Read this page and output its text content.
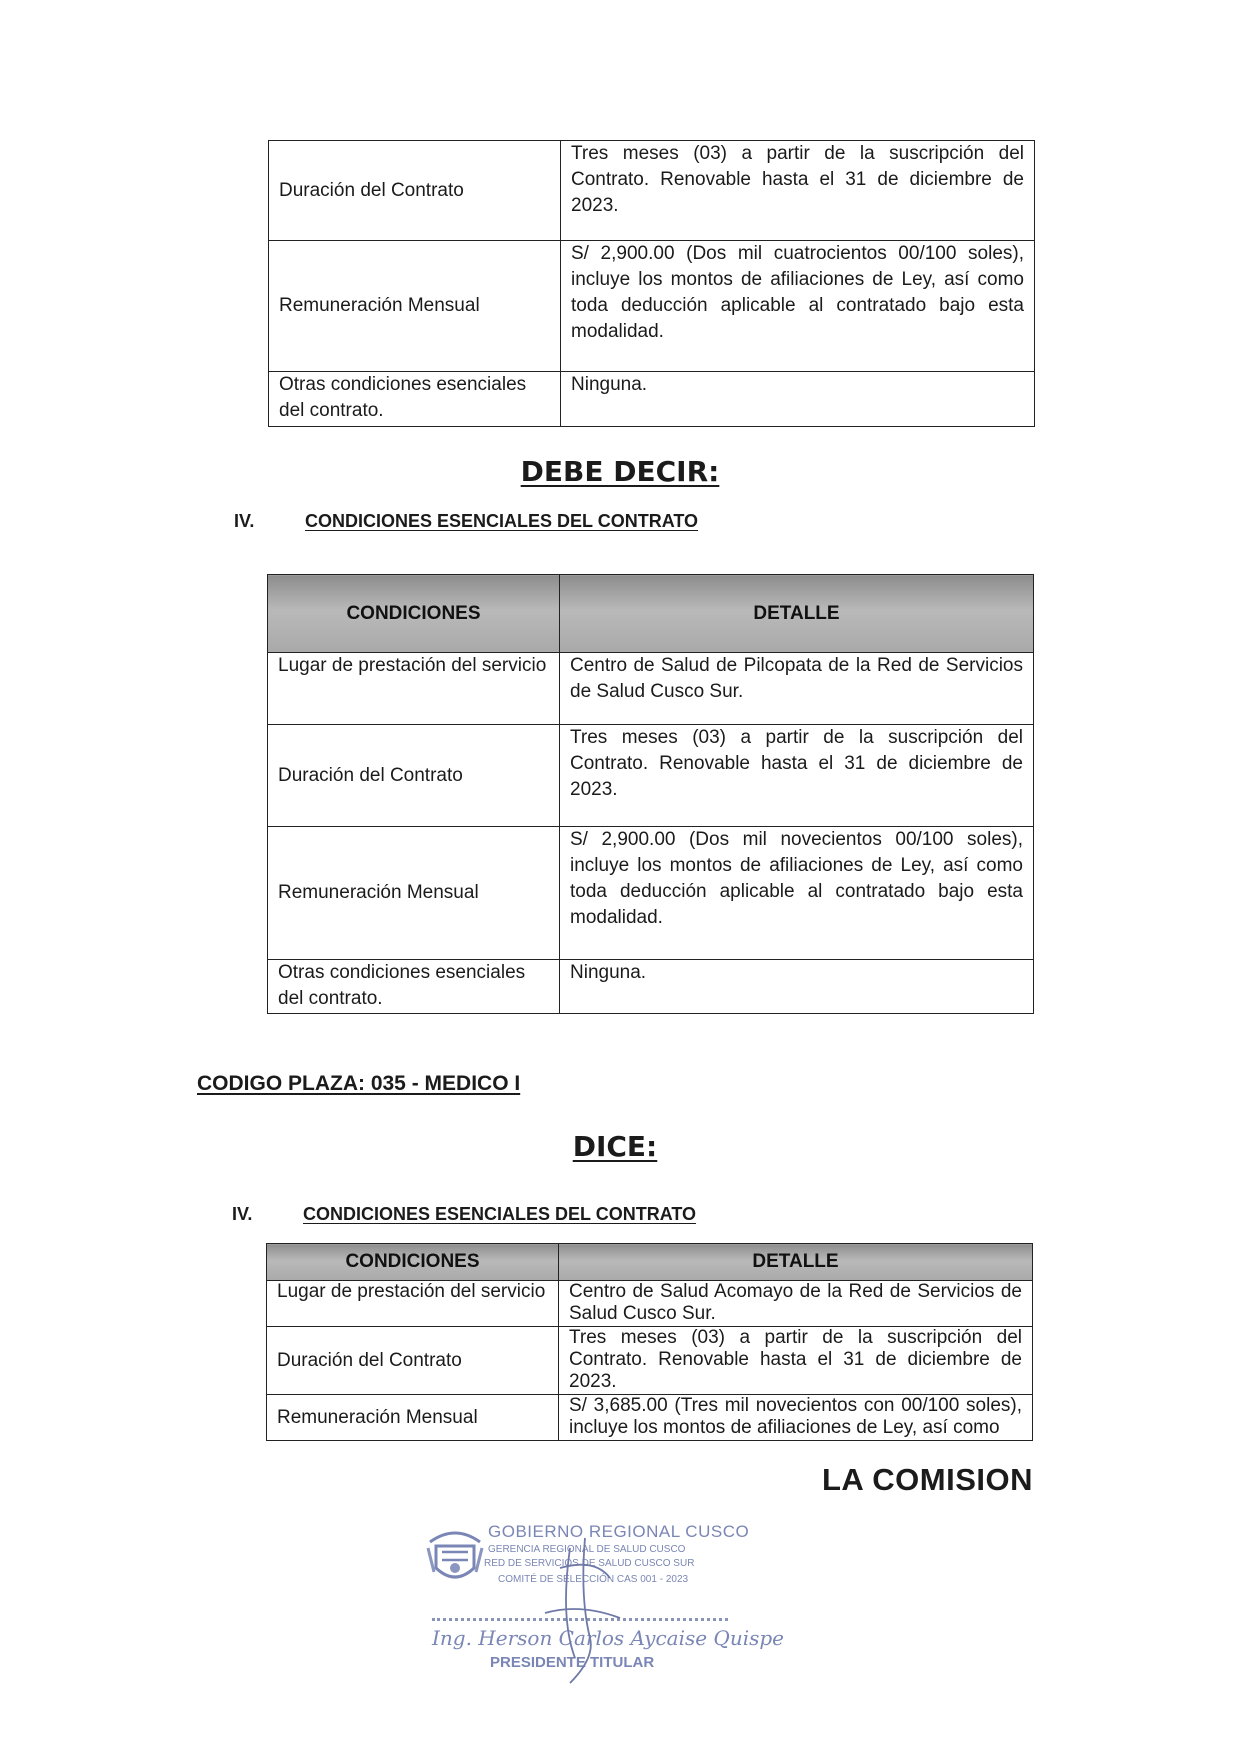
Duración del Contrato	Tres meses (03) a partir de la suscripción del Contrato. Renovable hasta el 31 de diciembre de 2023.
Remuneración Mensual	S/ 2,900.00 (Dos mil cuatrocientos 00/100 soles), incluye los montos de afiliaciones de Ley, así como toda deducción aplicable al contratado bajo esta modalidad.
Otras condiciones esenciales del contrato.	Ninguna.
DEBE DECIR:
IV.	CONDICIONES ESENCIALES DEL CONTRATO
CONDICIONES	DETALLE
Lugar de prestación del servicio	Centro de Salud de Pilcopata de la Red de Servicios de Salud Cusco Sur.
Duración del Contrato	Tres meses (03) a partir de la suscripción del Contrato. Renovable hasta el 31 de diciembre de 2023.
Remuneración Mensual	S/ 2,900.00 (Dos mil novecientos 00/100 soles), incluye los montos de afiliaciones de Ley, así como toda deducción aplicable al contratado bajo esta modalidad.
Otras condiciones esenciales del contrato.	Ninguna.
CODIGO PLAZA: 035 - MEDICO I
DICE:
IV.	CONDICIONES ESENCIALES DEL CONTRATO
CONDICIONES	DETALLE
Lugar de prestación del servicio	Centro de Salud Acomayo de la Red de Servicios de Salud Cusco Sur.
Duración del Contrato	Tres meses (03) a partir de la suscripción del Contrato. Renovable hasta el 31 de diciembre de 2023.
Remuneración Mensual	S/ 3,685.00 (Tres mil novecientos con 00/100 soles), incluye los montos de afiliaciones de Ley, así como
LA COMISION
GOBIERNO REGIONAL CUSCO
GERENCIA REGIONAL DE SALUD CUSCO
RED DE SERVICIOS DE SALUD CUSCO SUR
COMITÉ DE SELECCIÓN CAS 001 - 2023
Ing. Herson Carlos Aycaise Quispe
PRESIDENTE TITULAR
